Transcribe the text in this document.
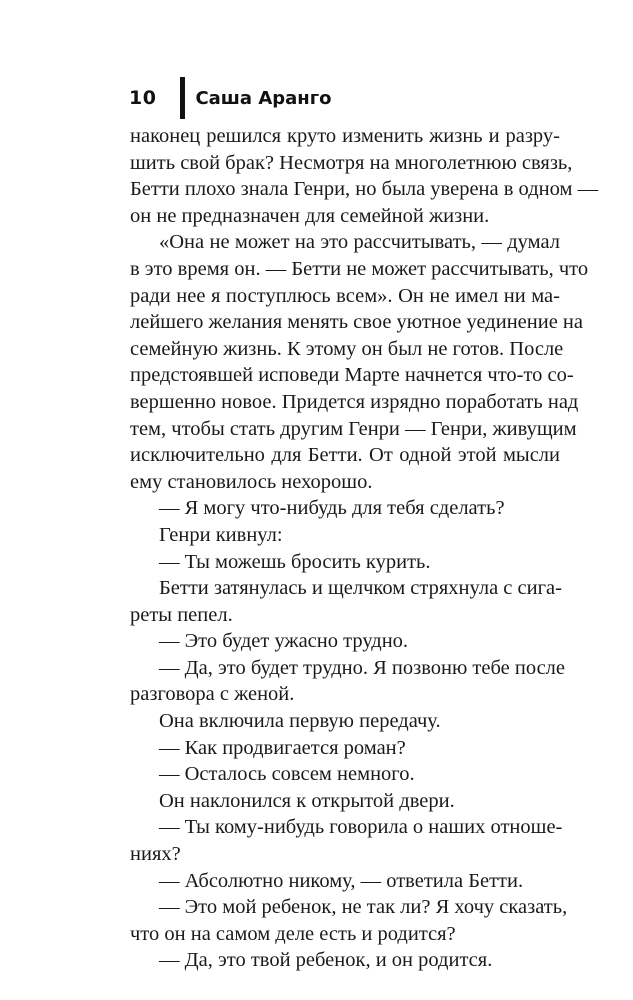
10 Саша Аранго
наконец решился круто изменить жизнь и разру-
шить свой брак? Несмотря на многолетнюю связь,
Бетти плохо знала Генри, но была уверена в одном —
он не предназначен для семейной жизни.
«Она не может на это рассчитывать, — думал
в это время он. — Бетти не может рассчитывать, что
ради нее я поступлюсь всем». Он не имел ни ма-
лейшего желания менять свое уютное уединение на
семейную жизнь. К этому он был не готов. После
предстоявшей исповеди Марте начнется что-то со-
вершенно новое. Придется изрядно поработать над
тем, чтобы стать другим Генри — Генри, живущим
исключительно для Бетти. От одной этой мысли
ему становилось нехорошо.
— Я могу что-нибудь для тебя сделать?
Генри кивнул:
— Ты можешь бросить курить.
Бетти затянулась и щелчком стряхнула с сига-
реты пепел.
— Это будет ужасно трудно.
— Да, это будет трудно. Я позвоню тебе после
разговора с женой.
Она включила первую передачу.
— Как продвигается роман?
— Осталось совсем немного.
Он наклонился к открытой двери.
— Ты кому-нибудь говорила о наших отноше-
ниях?
— Абсолютно никому, — ответила Бетти.
— Это мой ребенок, не так ли? Я хочу сказать,
что он на самом деле есть и родится?
— Да, это твой ребенок, и он родится.
